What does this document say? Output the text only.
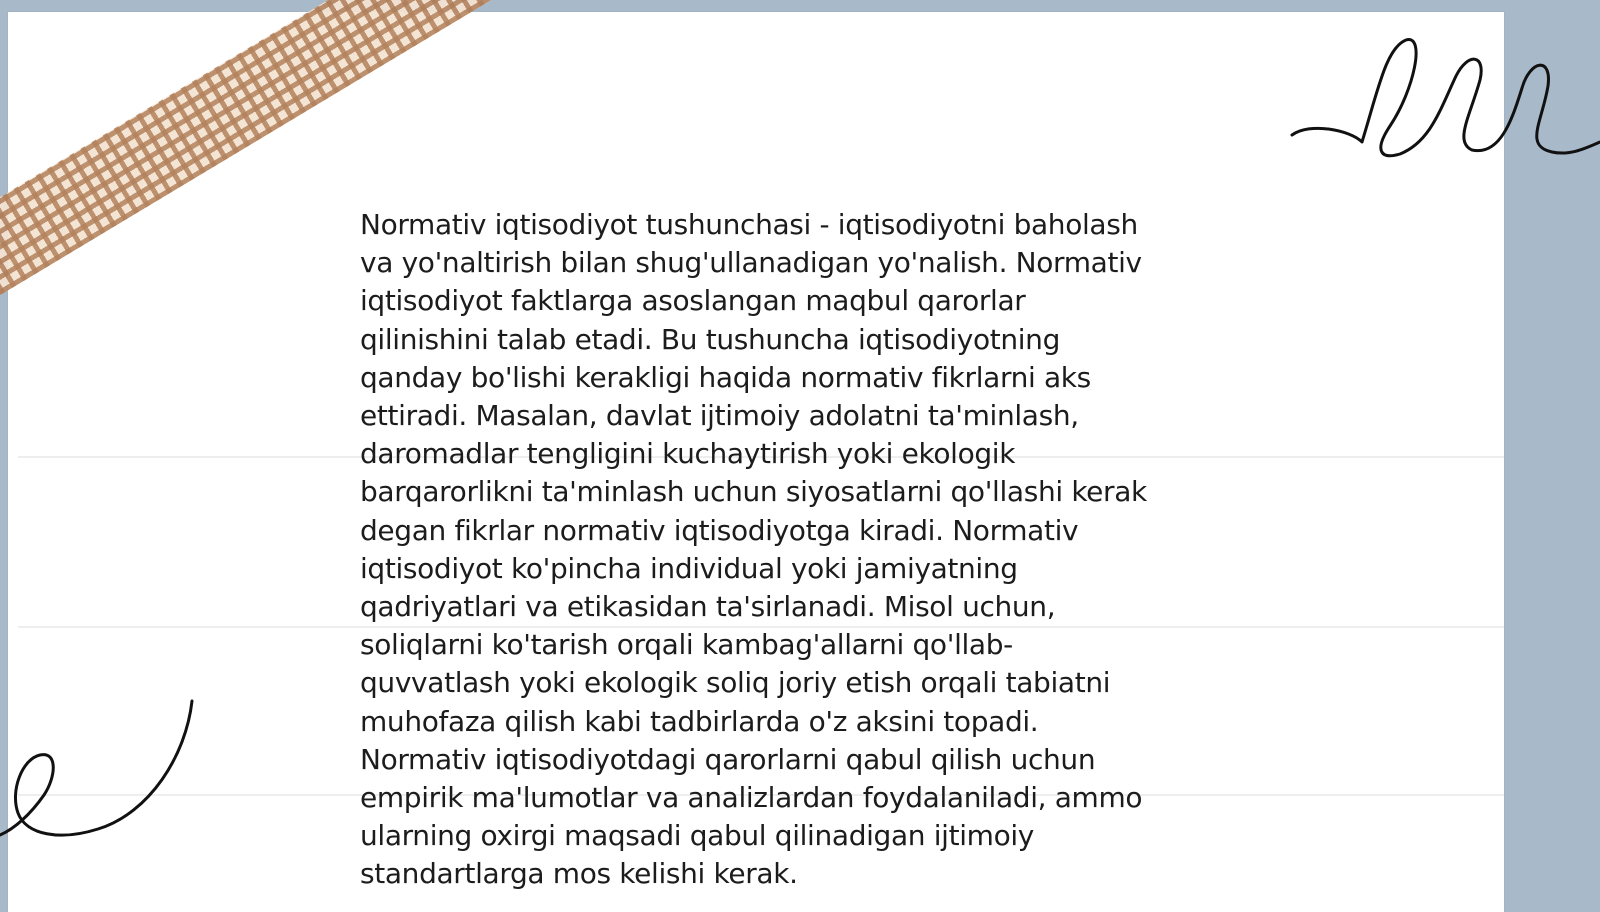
Normativ iqtisodiyot tushunchasi - iqtisodiyotni baholash
va yo'naltirish bilan shug'ullanadigan yo'nalish. Normativ
iqtisodiyot faktlarga asoslangan maqbul qarorlar
qilinishini talab etadi. Bu tushuncha iqtisodiyotning
qanday bo'lishi kerakligi haqida normativ fikrlarni aks
ettiradi. Masalan, davlat ijtimoiy adolatni ta'minlash,
daromadlar tengligini kuchaytirish yoki ekologik
barqarorlikni ta'minlash uchun siyosatlarni qo'llashi kerak
degan fikrlar normativ iqtisodiyotga kiradi. Normativ
iqtisodiyot ko'pincha individual yoki jamiyatning
qadriyatlari va etikasidan ta'sirlanadi. Misol uchun,
soliqlarni ko'tarish orqali kambag'allarni qo'llab-
quvvatlash yoki ekologik soliq joriy etish orqali tabiatni
muhofaza qilish kabi tadbirlarda o'z aksini topadi.
Normativ iqtisodiyotdagi qarorlarni qabul qilish uchun
empirik ma'lumotlar va analizlardan foydalaniladi, ammo
ularning oxirgi maqsadi qabul qilinadigan ijtimoiy
standartlarga mos kelishi kerak.
